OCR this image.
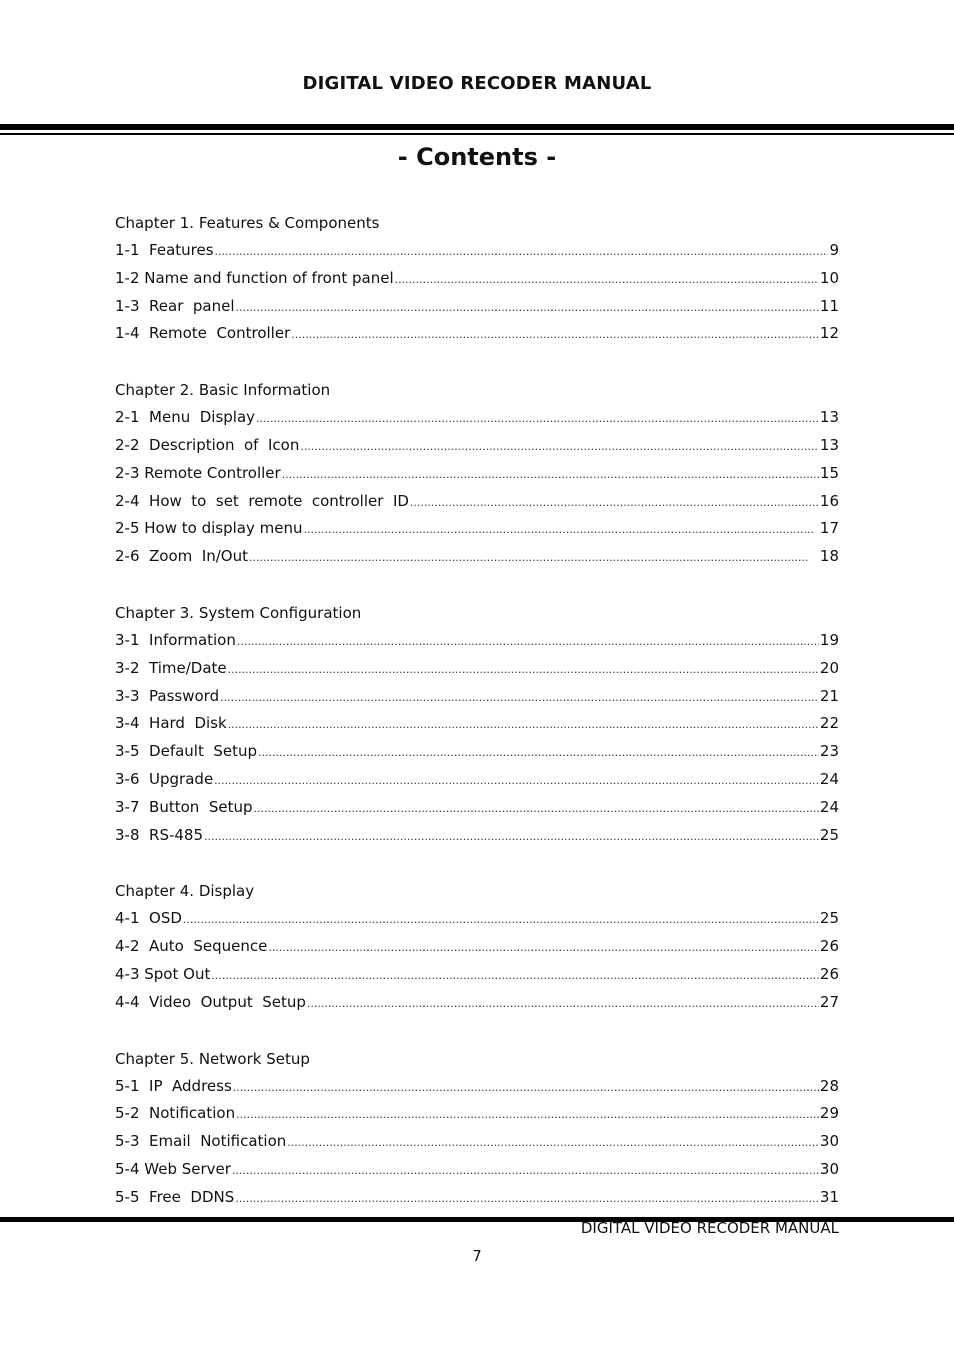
DIGITAL VIDEO RECODER MANUAL
- Contents -
Chapter 1. Features & Components
1-1  Features .....	9
1-2 Name and function of front panel .....	10
1-3  Rear  panel .....	11
1-4  Remote  Controller .....	12
Chapter 2. Basic Information
2-1  Menu  Display .....	13
2-2  Description  of  Icon .....	13
2-3 Remote Controller .....	15
2-4  How  to  set  remote  controller  ID .....	16
2-5 How to display menu .....	17
2-6  Zoom  In/Out .....	18
Chapter 3. System Configuration
3-1  Information .....	19
3-2  Time/Date .....	20
3-3  Password .....	21
3-4  Hard  Disk .....	22
3-5  Default  Setup .....	23
3-6  Upgrade .....	24
3-7  Button  Setup .....	24
3-8  RS-485 .....	25
Chapter 4. Display
4-1  OSD .....	25
4-2  Auto  Sequence .....	26
4-3 Spot Out .....	26
4-4  Video  Output  Setup .....	27
Chapter 5. Network Setup
5-1  IP  Address .....	28
5-2  Notification .....	29
5-3  Email  Notification .....	30
5-4 Web Server .....	30
5-5  Free  DDNS .....	31
DIGITAL VIDEO RECODER MANUAL
7
